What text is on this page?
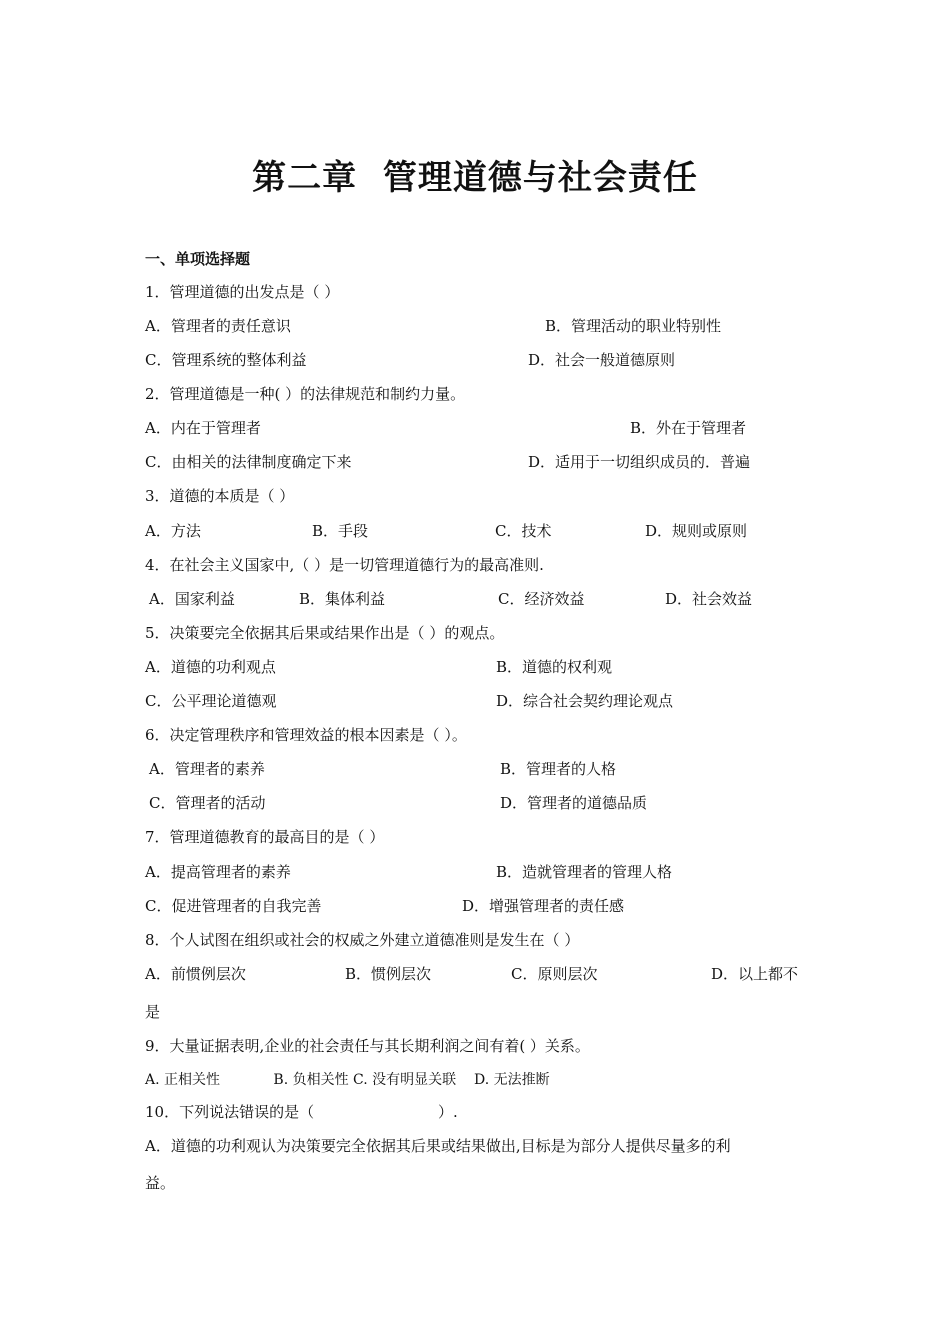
第二章  管理道德与社会责任
一、单项选择题
1．管理道德的出发点是（ ）
A．管理者的责任意识	B．管理活动的职业特别性
C．管理系统的整体利益	D．社会一般道德原则
2．管理道德是一种( ）的法律规范和制约力量。
A．内在于管理者	B．外在于管理者
C．由相关的法律制度确定下来	D．适用于一切组织成员的．普遍
3．道德的本质是（ ）
A．方法	B．手段	C．技术	D．规则或原则
4．在社会主义国家中,（ ）是一切管理道德行为的最高准则.
A．国家利益	B．集体利益	C．经济效益	D．社会效益
5．决策要完全依据其后果或结果作出是（ ）的观点。
A．道德的功利观点	B．道德的权利观
C．公平理论道德观	D．综合社会契约理论观点
6．决定管理秩序和管理效益的根本因素是（ ）。
A．管理者的素养	B．管理者的人格
C．管理者的活动	D．管理者的道德品质
7．管理道德教育的最高目的是（ ）
A．提高管理者的素养	B．造就管理者的管理人格
C．促进管理者的自我完善	D．增强管理者的责任感
8．个人试图在组织或社会的权威之外建立道德准则是发生在（ ）
A．前惯例层次	B．惯例层次	C．原则层次	D．以上都不
是
9．大量证据表明,企业的社会责任与其长期利润之间有着( ）关系。
A. 正相关性            B. 负相关性 C. 没有明显关联    D. 无法推断
10．下列说法错误的是（                          ）.
A．道德的功利观认为决策要完全依据其后果或结果做出,目标是为部分人提供尽量多的利
益。
